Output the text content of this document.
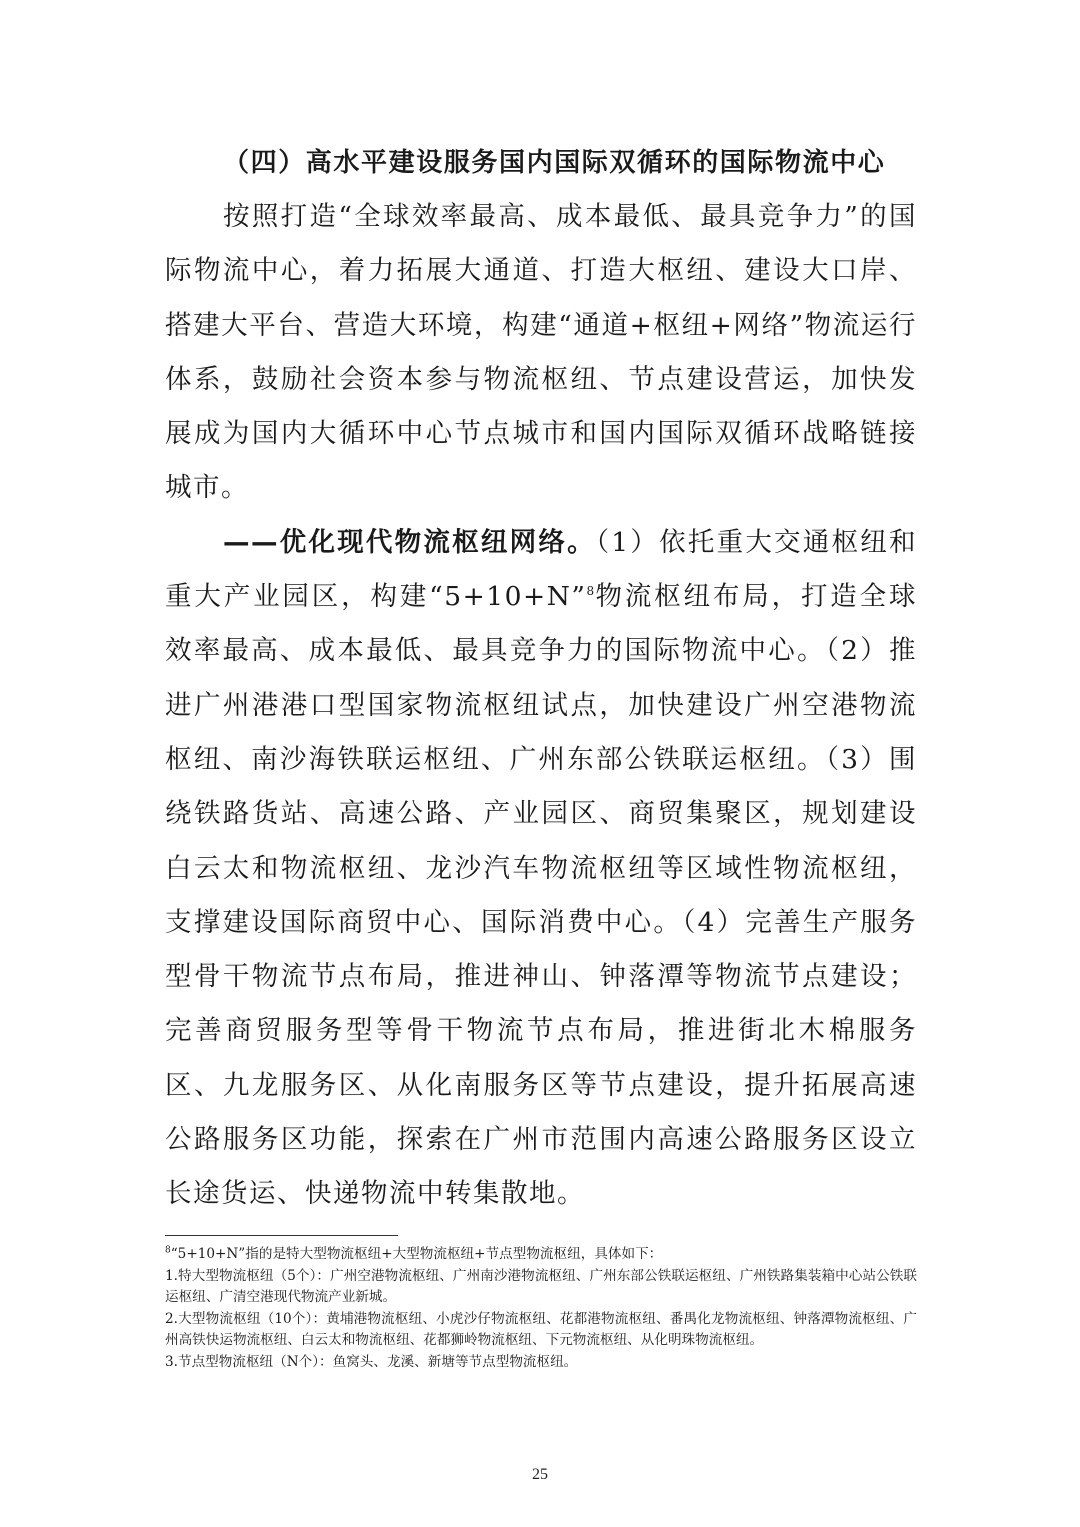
（四）高水平建设服务国内国际双循环的国际物流中心

按照打造“全球效率最高、成本最低、最具竞争力”的国际物流中心，着力拓展大通道、打造大枢纽、建设大口岸、搭建大平台、营造大环境，构建“通道+枢纽+网络”物流运行体系，鼓励社会资本参与物流枢纽、节点建设营运，加快发展成为国内大循环中心节点城市和国内国际双循环战略链接城市。

——优化现代物流枢纽网络。（1）依托重大交通枢纽和重大产业园区，构建“5+10+N”$^8$物流枢纽布局，打造全球效率最高、成本最低、最具竞争力的国际物流中心。（2）推进广州港港口型国家物流枢纽试点，加快建设广州空港物流枢纽、南沙海铁联运枢纽、广州东部公铁联运枢纽。（3）围绕铁路货站、高速公路、产业园区、商贸集聚区，规划建设白云太和物流枢纽、龙沙汽车物流枢纽等区域性物流枢纽，支撑建设国际商贸中心、国际消费中心。（4）完善生产服务型骨干物流节点布局，推进神山、钟落潭等物流节点建设；完善商贸服务型等骨干物流节点布局，推进街北木棉服务区、九龙服务区、从化南服务区等节点建设，提升拓展高速公路服务区功能，探索在广州市范围内高速公路服务区设立长途货运、快递物流中转集散地。

$^8$“5+10+N”指的是特大型物流枢纽+大型物流枢纽+节点型物流枢纽，具体如下：

1.特大型物流枢纽（5个）：广州空港物流枢纽、广州南沙港物流枢纽、广州东部公铁联运枢纽、广州铁路集装箱中心站公铁联运枢纽、广清空港现代物流产业新城。

2.大型物流枢纽（10个）：黄埔港物流枢纽、小虎沙仔物流枢纽、花都港物流枢纽、番禺化龙物流枢纽、钟落潭物流枢纽、广州高铁快运物流枢纽、白云太和物流枢纽、花都狮岭物流枢纽、下元物流枢纽、从化明珠物流枢纽。

3.节点型物流枢纽（N个）：鱼窝头、龙溪、新塘等节点型物流枢纽。

25
